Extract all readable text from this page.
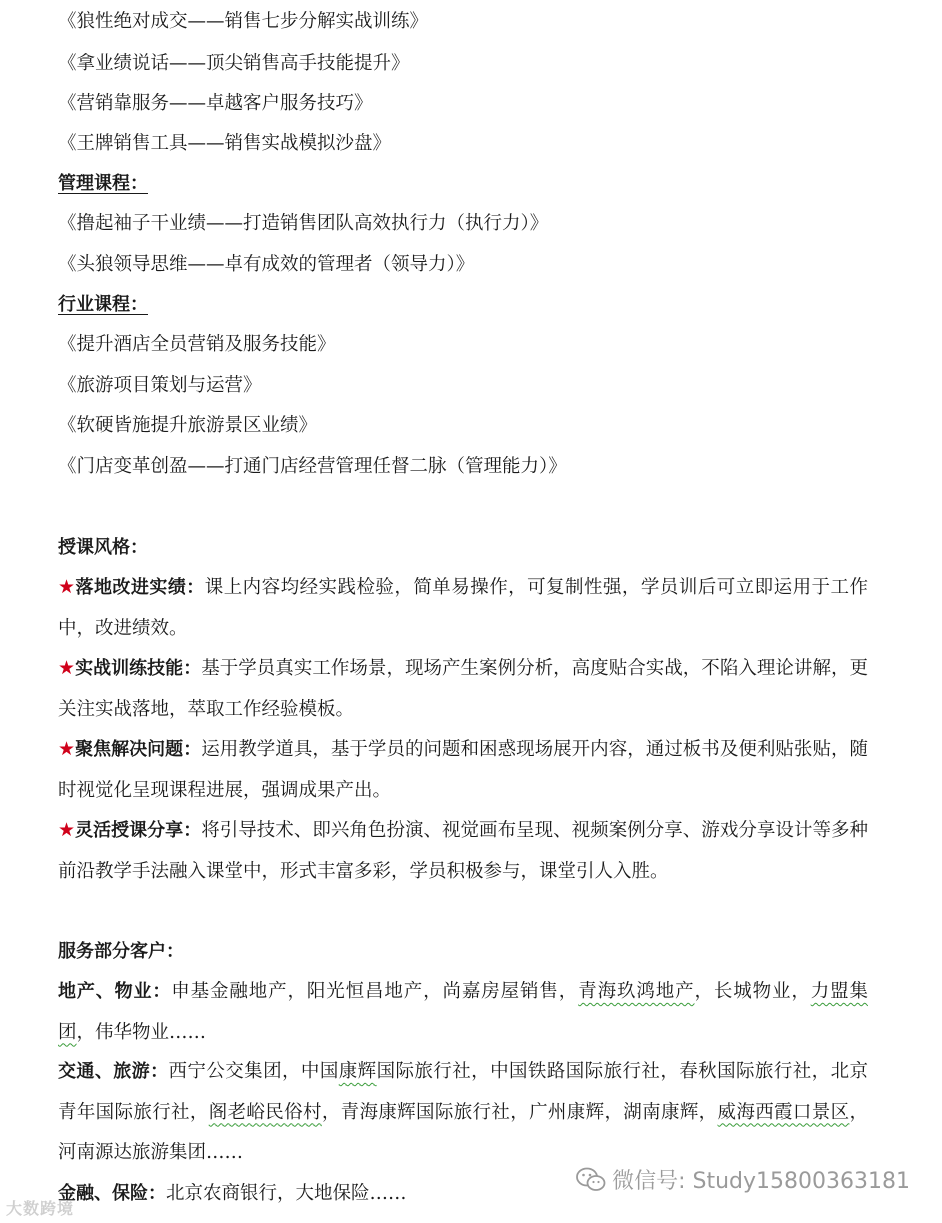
《狼性绝对成交——销售七步分解实战训练》
《拿业绩说话——顶尖销售高手技能提升》
《营销靠服务——卓越客户服务技巧》
《王牌销售工具——销售实战模拟沙盘》
管理课程：
《撸起袖子干业绩——打造销售团队高效执行力（执行力）》
《头狼领导思维——卓有成效的管理者（领导力）》
行业课程：
《提升酒店全员营销及服务技能》
《旅游项目策划与运营》
《软硬皆施提升旅游景区业绩》
《门店变革创盈——打通门店经营管理任督二脉（管理能力）》
授课风格：
★落地改进实绩：课上内容均经实践检验，简单易操作，可复制性强，学员训后可立即运用于工作中，改进绩效。
★实战训练技能：基于学员真实工作场景，现场产生案例分析，高度贴合实战，不陷入理论讲解，更关注实战落地，萃取工作经验模板。
★聚焦解决问题：运用教学道具，基于学员的问题和困惑现场展开内容，通过板书及便利贴张贴，随时视觉化呈现课程进展，强调成果产出。
★灵活授课分享：将引导技术、即兴角色扮演、视觉画布呈现、视频案例分享、游戏分享设计等多种前沿教学手法融入课堂中，形式丰富多彩，学员积极参与，课堂引人入胜。
服务部分客户：
地产、物业：申基金融地产，阳光恒昌地产，尚嘉房屋销售，青海玖鸿地产，长城物业，力盟集团，伟华物业……
交通、旅游：西宁公交集团，中国康辉国际旅行社，中国铁路国际旅行社，春秋国际旅行社，北京青年国际旅行社，阁老峪民俗村，青海康辉国际旅行社，广州康辉，湖南康辉，威海西霞口景区，河南源达旅游集团……
金融、保险：北京农商银行，大地保险……	微信号: Study15800363181
大数跨境
